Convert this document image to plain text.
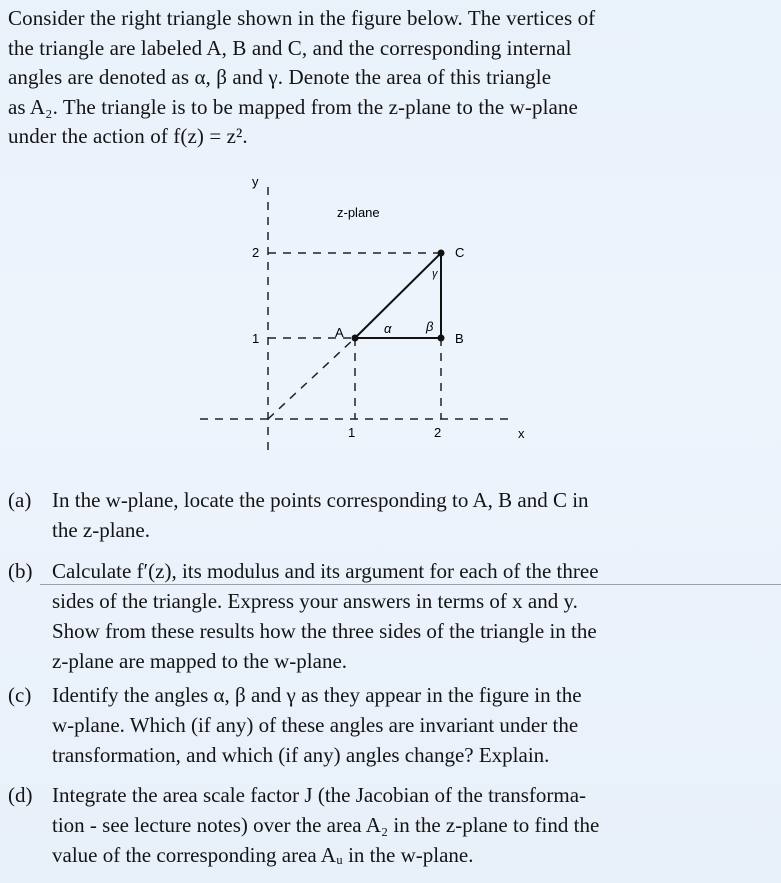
Consider the right triangle shown in the figure below. The vertices of
the triangle are labeled A, B and C, and the corresponding internal
angles are denoted as α, β and γ. Denote the area of this triangle
as A₂. The triangle is to be mapped from the z-plane to the w-plane
under the action of f(z) = z².
y
z-plane
C
B
A	α	β
γ
2
1
1	2	x
(a) In the w-plane, locate the points corresponding to A, B and C in
the z-plane.
(b) Calculate f′(z), its modulus and its argument for each of the three
sides of the triangle. Express your answers in terms of x and y.
Show from these results how the three sides of the triangle in the
z-plane are mapped to the w-plane.
(c) Identify the angles α, β and γ as they appear in the figure in the
w-plane. Which (if any) of these angles are invariant under the
transformation, and which (if any) angles change? Explain.
(d) Integrate the area scale factor J (the Jacobian of the transforma-
tion - see lecture notes) over the area A₂ in the z-plane to find the
value of the corresponding area Aᵤ in the w-plane.
